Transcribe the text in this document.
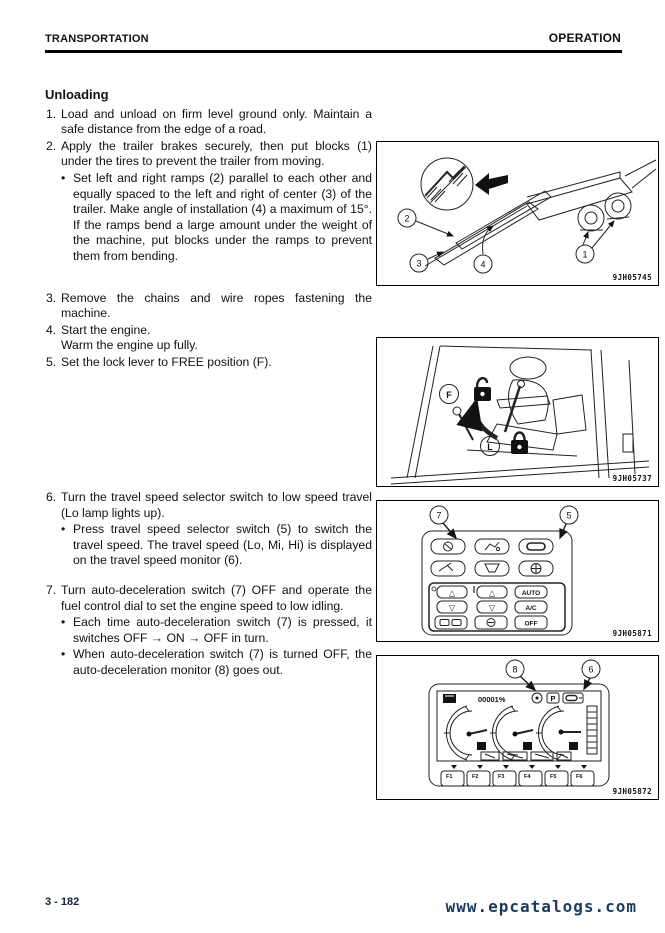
TRANSPORTATION	OPERATION
Unloading
1. Load and unload on firm level ground only. Maintain a safe distance from the edge of a road.
2. Apply the trailer brakes securely, then put blocks (1) under the tires to prevent the trailer from moving.
• Set left and right ramps (2) parallel to each other and equally spaced to the left and right of center (3) of the trailer. Make angle of installation (4) a maximum of 15°. If the ramps bend a large amount under the weight of the machine, put blocks under the ramps to prevent them from bending.
3. Remove the chains and wire ropes fastening the machine.
4. Start the engine.
Warm the engine up fully.
5. Set the lock lever to FREE position (F).
6. Turn the travel speed selector switch to low speed travel (Lo lamp lights up).
• Press travel speed selector switch (5) to switch the travel speed. The travel speed (Lo, Mi, Hi) is displayed on the travel speed monitor (6).
7. Turn auto-deceleration switch (7) OFF and operate the fuel control dial to set the engine speed to low idling.
• Each time auto-deceleration switch (7) is pressed, it switches OFF → ON → OFF in turn.
• When auto-deceleration switch (7) is turned OFF, the auto-deceleration monitor (8) goes out.
2
3	4
1
9JH05745
F
L
9JH05737
7	5
△	△	AUTO
▽	▽	A/C
OFF
9JH05871
8	6
00001%	P
F1	F2	F3	F4	F5	F6
9JH05872
3 - 182	www.epcatalogs.com
